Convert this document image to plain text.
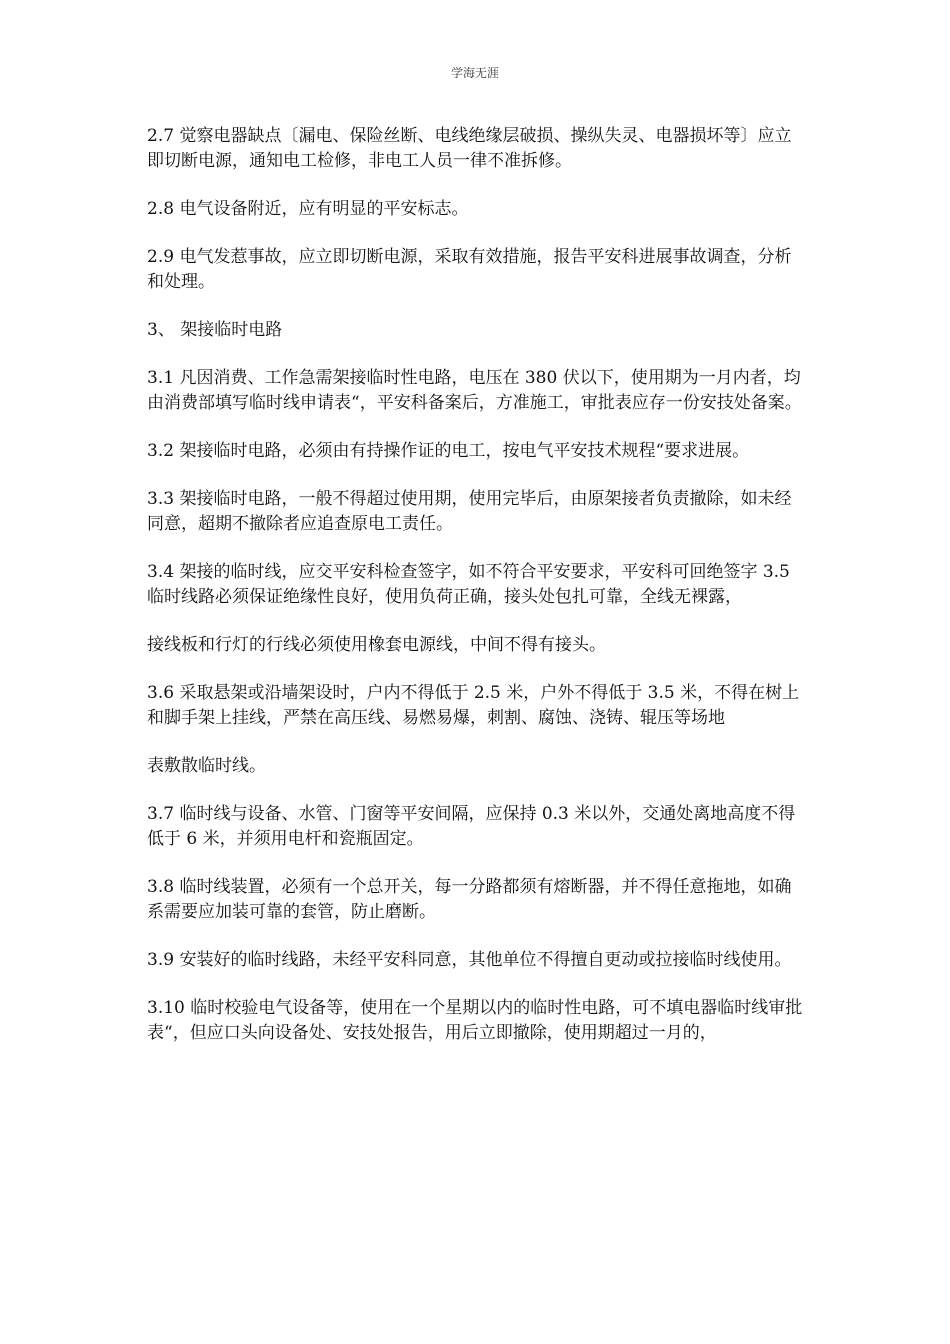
学海无涯

2.7 觉察电器缺点〔漏电、保险丝断、电线绝缘层破损、操纵失灵、电器损坏等〕应立即切断电源，通知电工检修，非电工人员一律不准拆修。

2.8 电气设备附近，应有明显的平安标志。

2.9 电气发惹事故，应立即切断电源，采取有效措施，报告平安科进展事故调查，分析和处理。

3、 架接临时电路

3.1 凡因消费、工作急需架接临时性电路，电压在 380 伏以下，使用期为一月内者，均由消费部填写临时线申请表“，平安科备案后，方准施工，审批表应存一份安技处备案。

3.2 架接临时电路，必须由有持操作证的电工，按电气平安技术规程“要求进展。

3.3 架接临时电路，一般不得超过使用期，使用完毕后，由原架接者负责撤除，如未经同意，超期不撤除者应追查原电工责任。

3.4 架接的临时线，应交平安科检查签字，如不符合平安要求，平安科可回绝签字 3.5 临时线路必须保证绝缘性良好，使用负荷正确，接头处包扎可靠，全线无裸露，

接线板和行灯的行线必须使用橡套电源线，中间不得有接头。

3.6 采取悬架或沿墙架设时，户内不得低于 2.5 米，户外不得低于 3.5 米，不得在树上和脚手架上挂线，严禁在高压线、易燃易爆，刺割、腐蚀、浇铸、辊压等场地

表敷散临时线。

3.7 临时线与设备、水管、门窗等平安间隔，应保持 0.3 米以外，交通处离地高度不得低于 6 米，并须用电杆和瓷瓶固定。

3.8 临时线装置，必须有一个总开关，每一分路都须有熔断器，并不得任意拖地，如确系需要应加装可靠的套管，防止磨断。

3.9 安装好的临时线路，未经平安科同意，其他单位不得擅自更动或拉接临时线使用。

3.10 临时校验电气设备等，使用在一个星期以内的临时性电路，可不填电器临时线审批表“，但应口头向设备处、安技处报告，用后立即撤除，使用期超过一月的，
